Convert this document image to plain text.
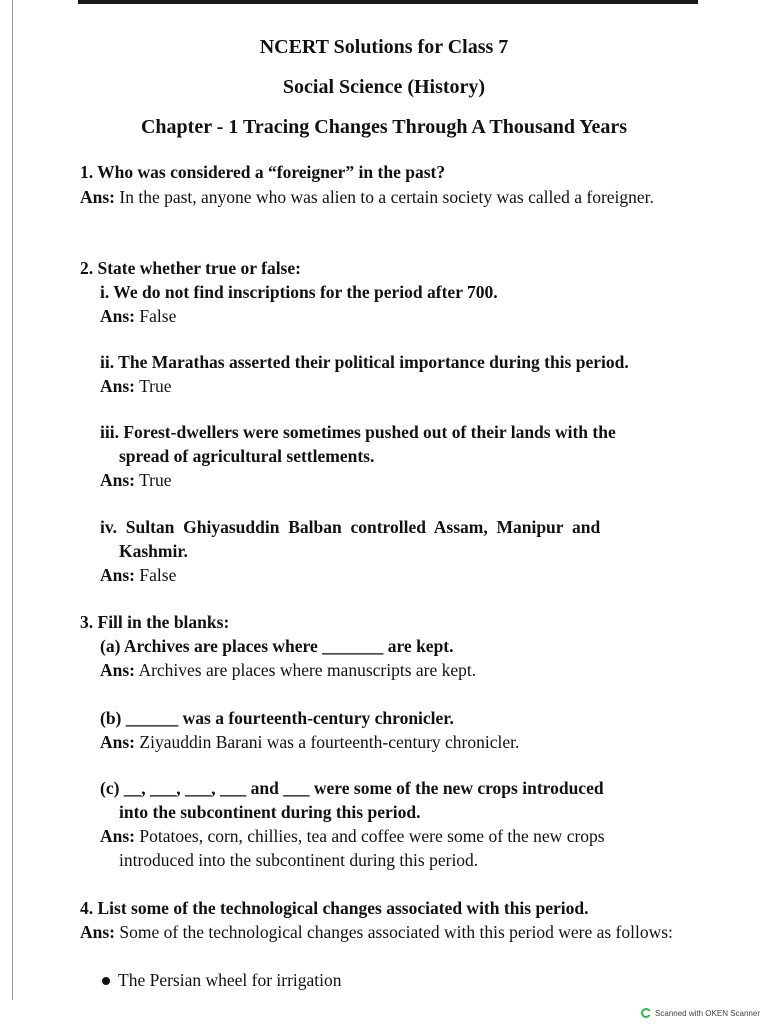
NCERT Solutions for Class 7
Social Science (History)
Chapter - 1 Tracing Changes Through A Thousand Years
1. Who was considered a “foreigner” in the past?
Ans: In the past, anyone who was alien to a certain society was called a foreigner.
2. State whether true or false:
i. We do not find inscriptions for the period after 700.
Ans: False
ii. The Marathas asserted their political importance during this period.
Ans: True
iii. Forest-dwellers were sometimes pushed out of their lands with the
spread of agricultural settlements.
Ans: True
iv.  Sultan  Ghiyasuddin  Balban  controlled  Assam,  Manipur  and
Kashmir.
Ans: False
3. Fill in the blanks:
(a) Archives are places where _______ are kept.
Ans: Archives are places where manuscripts are kept.
(b) ______ was a fourteenth-century chronicler.
Ans: Ziyauddin Barani was a fourteenth-century chronicler.
(c) __, ___, ___, ___ and ___ were some of the new crops introduced
into the subcontinent during this period.
Ans: Potatoes, corn, chillies, tea and coffee were some of the new crops
introduced into the subcontinent during this period.
4. List some of the technological changes associated with this period.
Ans: Some of the technological changes associated with this period were as follows:
The Persian wheel for irrigation
Scanned with OKEN Scanner
